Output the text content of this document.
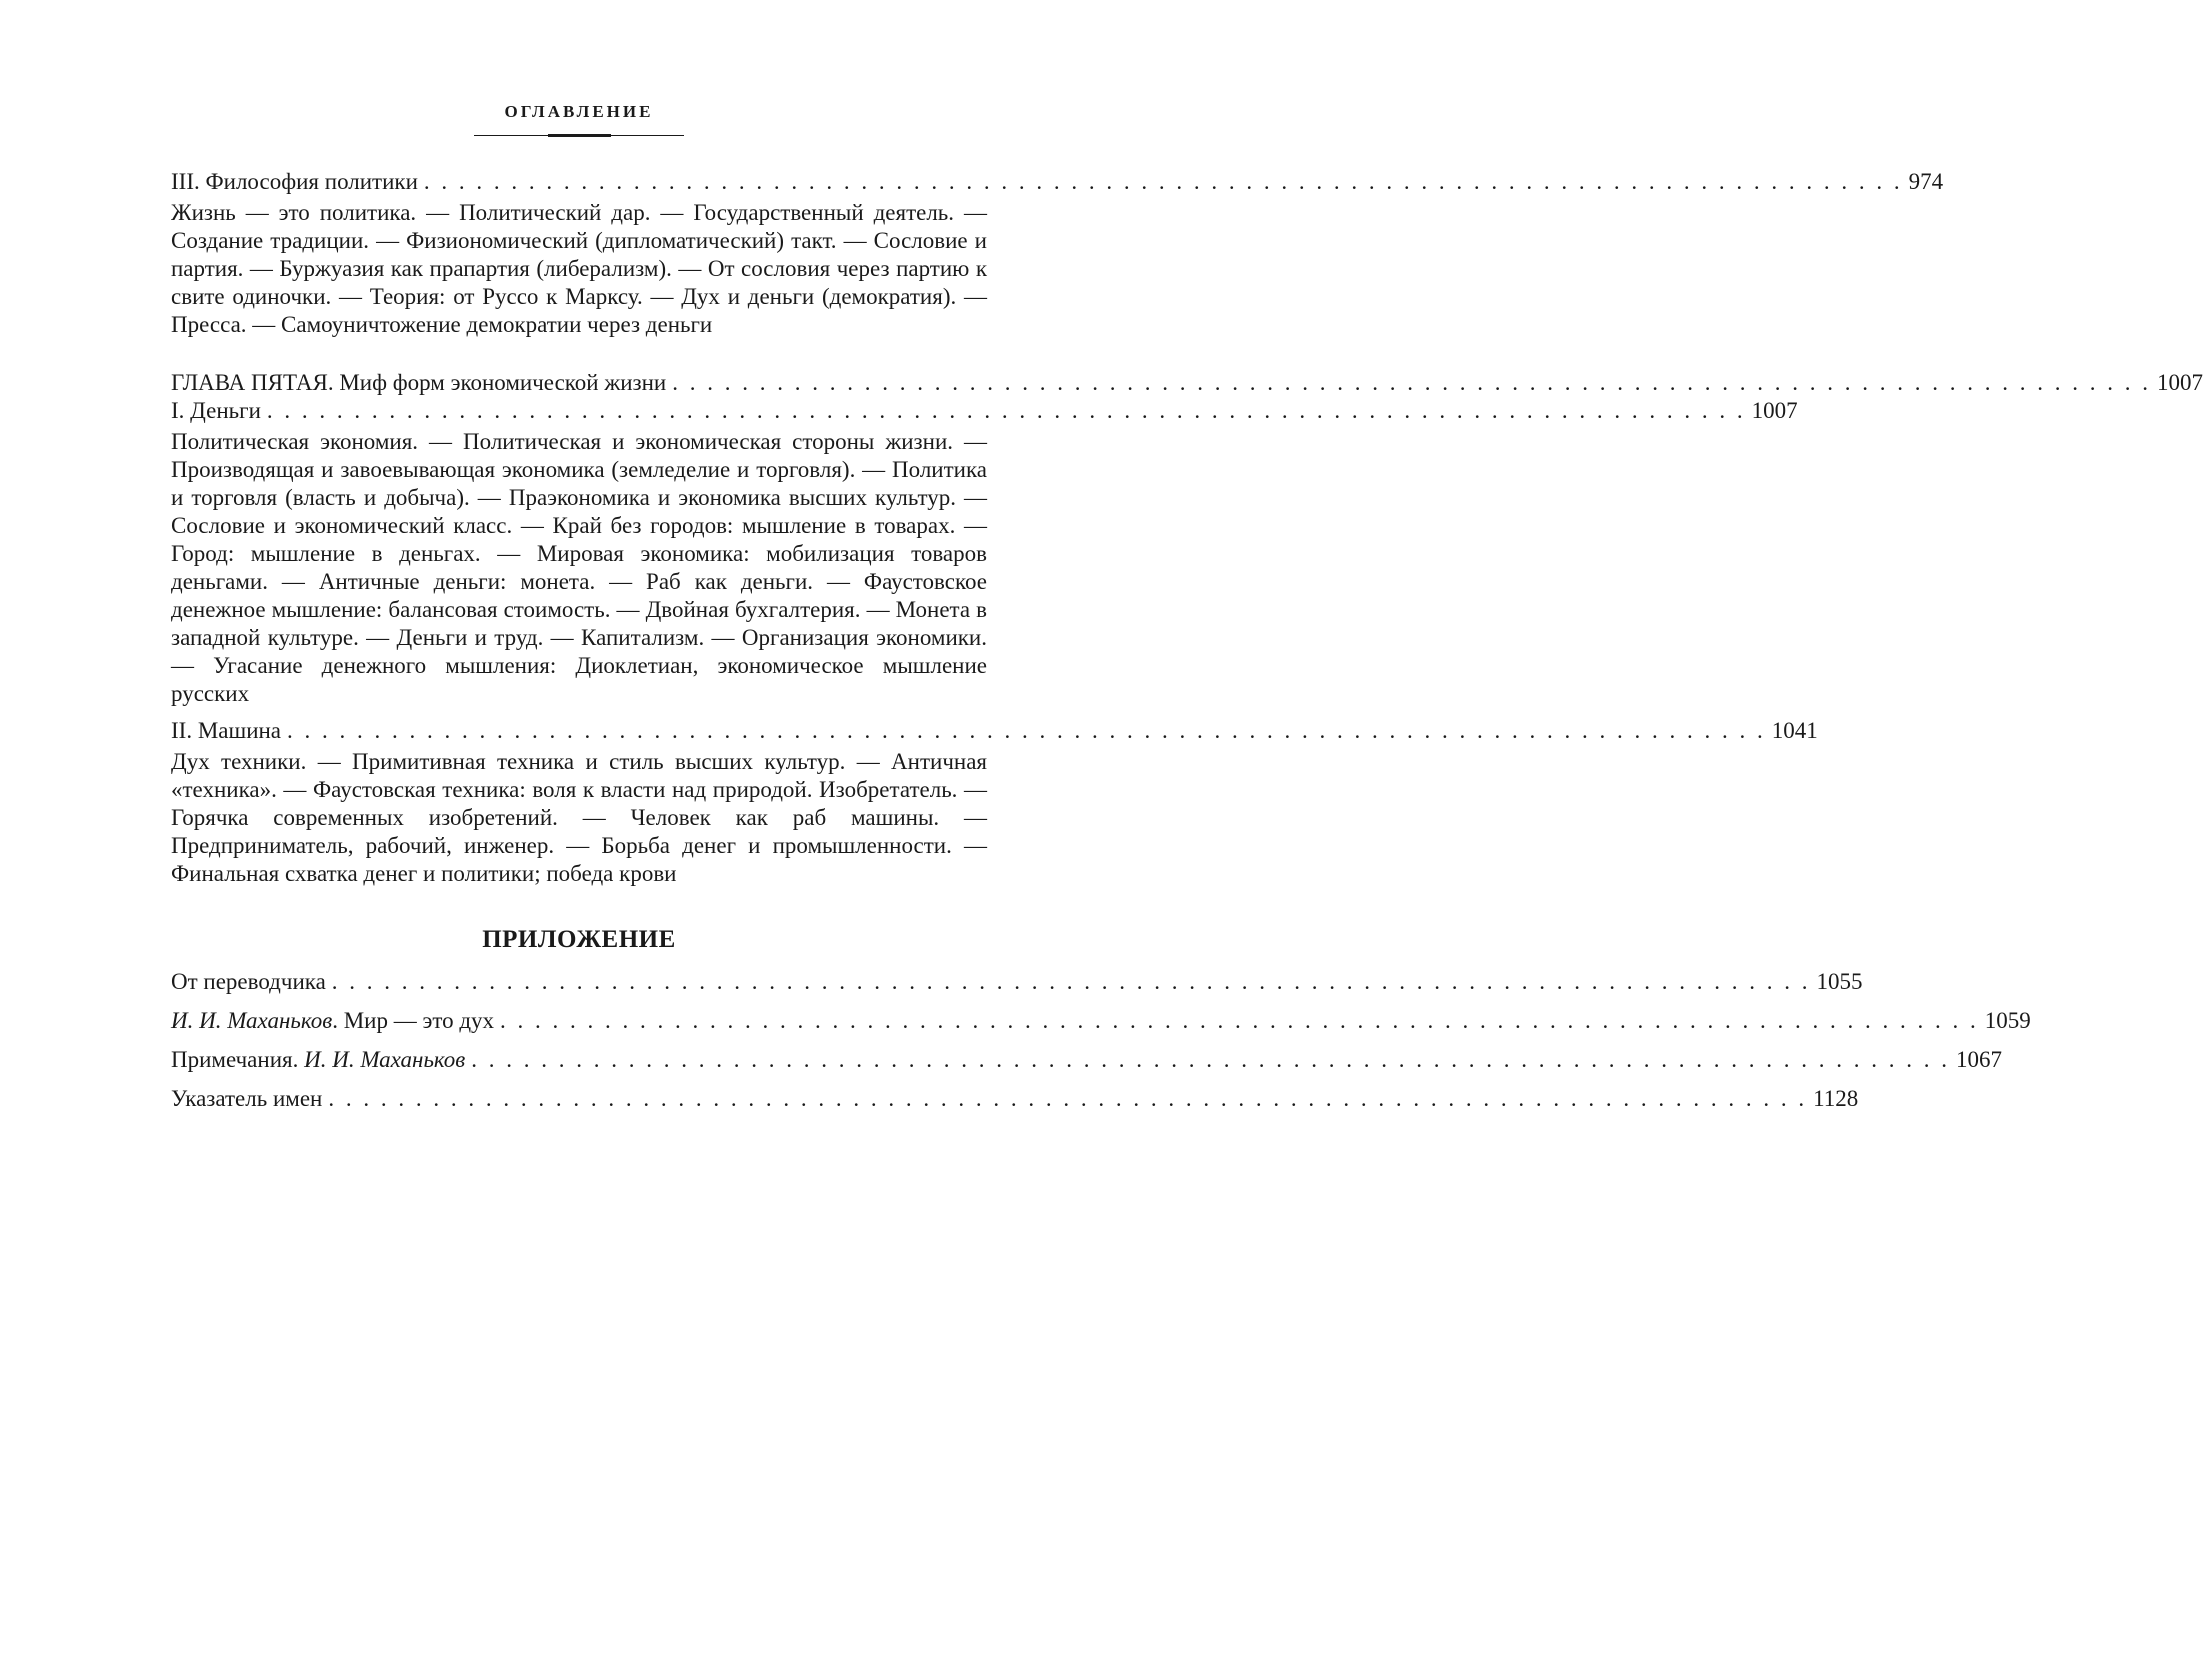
ОГЛАВЛЕНИЕ
III. Философия политики . . . . . . . . . . . . . . . . . . . . . . . . . . . . . . . . . . . . . . . . . . . . . . . . . . . . . . . . . . . . . . . . . . . . . . . . . . . . . . . . . . . . . 974

Жизнь — это политика. — Политический дар. — Государственный деятель. — Создание традиции. — Физиономический (дипломатический) такт. — Сословие и партия. — Буржуазия как прапартия (либерализм). — От сословия через партию к свите одиночки. — Теория: от Руссо к Марксу. — Дух и деньги (демократия). — Пресса. — Самоуничтожение демократии через деньги

ГЛАВА ПЯТАЯ. Миф форм экономической жизни . . . . . . . . . . . . . . . . . . . . . . . . . . . . . . . . . . . . . . . . . . . . . . . . . . . . . . . . . . . . . . . . . . . . . . . . . . . . . . . . . . . . . 1007
I. Деньги . . . . . . . . . . . . . . . . . . . . . . . . . . . . . . . . . . . . . . . . . . . . . . . . . . . . . . . . . . . . . . . . . . . . . . . . . . . . . . . . . . . . . 1007

Политическая экономия. — Политическая и экономическая стороны жизни. — Производящая и завоевывающая экономика (земледелие и торговля). — Политика и торговля (власть и добыча). — Праэкономика и экономика высших культур. — Сословие и экономический класс. — Край без городов: мышление в товарах. — Город: мышление в деньгах. — Мировая экономика: мобилизация товаров деньгами. — Античные деньги: монета. — Раб как деньги. — Фаустовское денежное мышление: балансовая стоимость. — Двойная бухгалтерия. — Монета в западной культуре. — Деньги и труд. — Капитализм. — Организация экономики. — Угасание денежного мышления: Диоклетиан, экономическое мышление русских

II. Машина . . . . . . . . . . . . . . . . . . . . . . . . . . . . . . . . . . . . . . . . . . . . . . . . . . . . . . . . . . . . . . . . . . . . . . . . . . . . . . . . . . . . . 1041

Дух техники. — Примитивная техника и стиль высших культур. — Античная «техника». — Фаустовская техника: воля к власти над природой. Изобретатель. — Горячка современных изобретений. — Человек как раб машины. — Предприниматель, рабочий, инженер. — Борьба денег и промышленности. — Финальная схватка денег и политики; победа крови

ПРИЛОЖЕНИЕ
От переводчика . . . . . . . . . . . . . . . . . . . . . . . . . . . . . . . . . . . . . . . . . . . . . . . . . . . . . . . . . . . . . . . . . . . . . . . . . . . . . . . . . . . . . 1055
И. И. Маханьков. Мир — это дух . . . . . . . . . . . . . . . . . . . . . . . . . . . . . . . . . . . . . . . . . . . . . . . . . . . . . . . . . . . . . . . . . . . . . . . . . . . . . . . . . . . . . 1059
Примечания. И. И. Маханьков . . . . . . . . . . . . . . . . . . . . . . . . . . . . . . . . . . . . . . . . . . . . . . . . . . . . . . . . . . . . . . . . . . . . . . . . . . . . . . . . . . . . . 1067
Указатель имен . . . . . . . . . . . . . . . . . . . . . . . . . . . . . . . . . . . . . . . . . . . . . . . . . . . . . . . . . . . . . . . . . . . . . . . . . . . . . . . . . . . . . 1128
